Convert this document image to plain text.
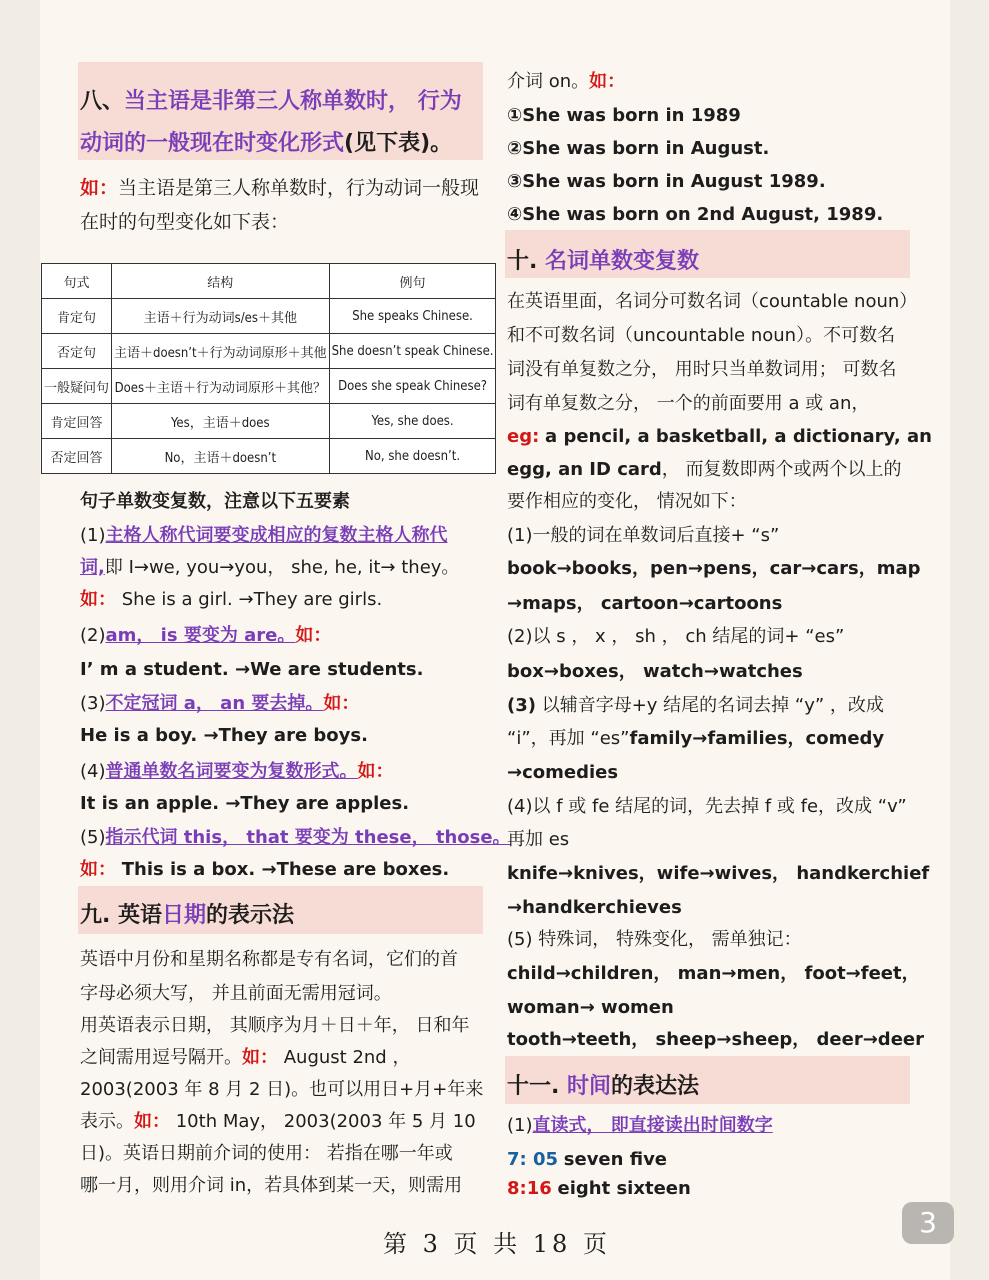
八、当主语是非第三人称单数时， 行为
动词的一般现在时变化形式(见下表)。
如：当主语是第三人称单数时，行为动词一般现
在时的句型变化如下表：
句式	结构	例句
肯定句	主语＋行为动词s/es＋其他	She speaks Chinese.
否定句	主语＋doesn’t＋行为动词原形＋其他	She doesn’t speak Chinese.
一般疑问句	Does＋主语＋行为动词原形＋其他？	Does she speak Chinese?
肯定回答	Yes，主语＋does	Yes, she does.
否定回答	No，主语＋doesn’t	No, she doesn’t.
句子单数变复数，注意以下五要素
(1)主格人称代词要变成相应的复数主格人称代
词,即 I→we, you→you， she, he, it→ they。
如： She is a girl. →They are girls.
(2)am， is 要变为 are。如：
I’ m a student. →We are students.
(3)不定冠词 a， an 要去掉。如：
He is a boy. →They are boys.
(4)普通单数名词要变为复数形式。如：
It is an apple. →They are apples.
(5)指示代词 this， that 要变为 these， those。
如： This is a box. →These are boxes.
九. 英语日期的表示法
英语中月份和星期名称都是专有名词，它们的首
字母必须大写， 并且前面无需用冠词。
用英语表示日期， 其顺序为月＋日＋年， 日和年
之间需用逗号隔开。如： August 2nd ，
2003(2003 年 8 月 2 日)。也可以用日+月+年来
表示。如： 10th May， 2003(2003 年 5 月 10
日)。英语日期前介词的使用： 若指在哪一年或
哪一月，则用介词 in，若具体到某一天，则需用
介词 on。如：
①She was born in 1989
②She was born in August.
③She was born in August 1989.
④She was born on 2nd August, 1989.
十. 名词单数变复数
在英语里面，名词分可数名词（countable noun）
和不可数名词（uncountable noun）。不可数名
词没有单复数之分， 用时只当单数词用； 可数名
词有单复数之分， 一个的前面要用 a 或 an，
eg: a pencil, a basketball, a dictionary, an
egg, an ID card， 而复数即两个或两个以上的
要作相应的变化， 情况如下：
(1)一般的词在单数词后直接+ “s”
book→books，pen→pens，car→cars，map
→maps， cartoon→cartoons
(2)以 s ， x ， sh ， ch 结尾的词+ “es”
box→boxes， watch→watches
(3) 以辅音字母+y 结尾的名词去掉 “y” ，改成
“i”，再加 “es”family→families，comedy
→comedies
(4)以 f 或 fe 结尾的词，先去掉 f 或 fe，改成 “v”
再加 es
knife→knives，wife→wives， handkerchief
→handkerchieves
(5) 特殊词， 特殊变化， 需单独记：
child→children， man→men， foot→feet，
woman→ women
tooth→teeth， sheep→sheep， deer→deer
十一. 时间的表达法
(1)直读式， 即直接读出时间数字
7: 05 seven five
8:16 eight sixteen
第 3 页 共 18 页
3
